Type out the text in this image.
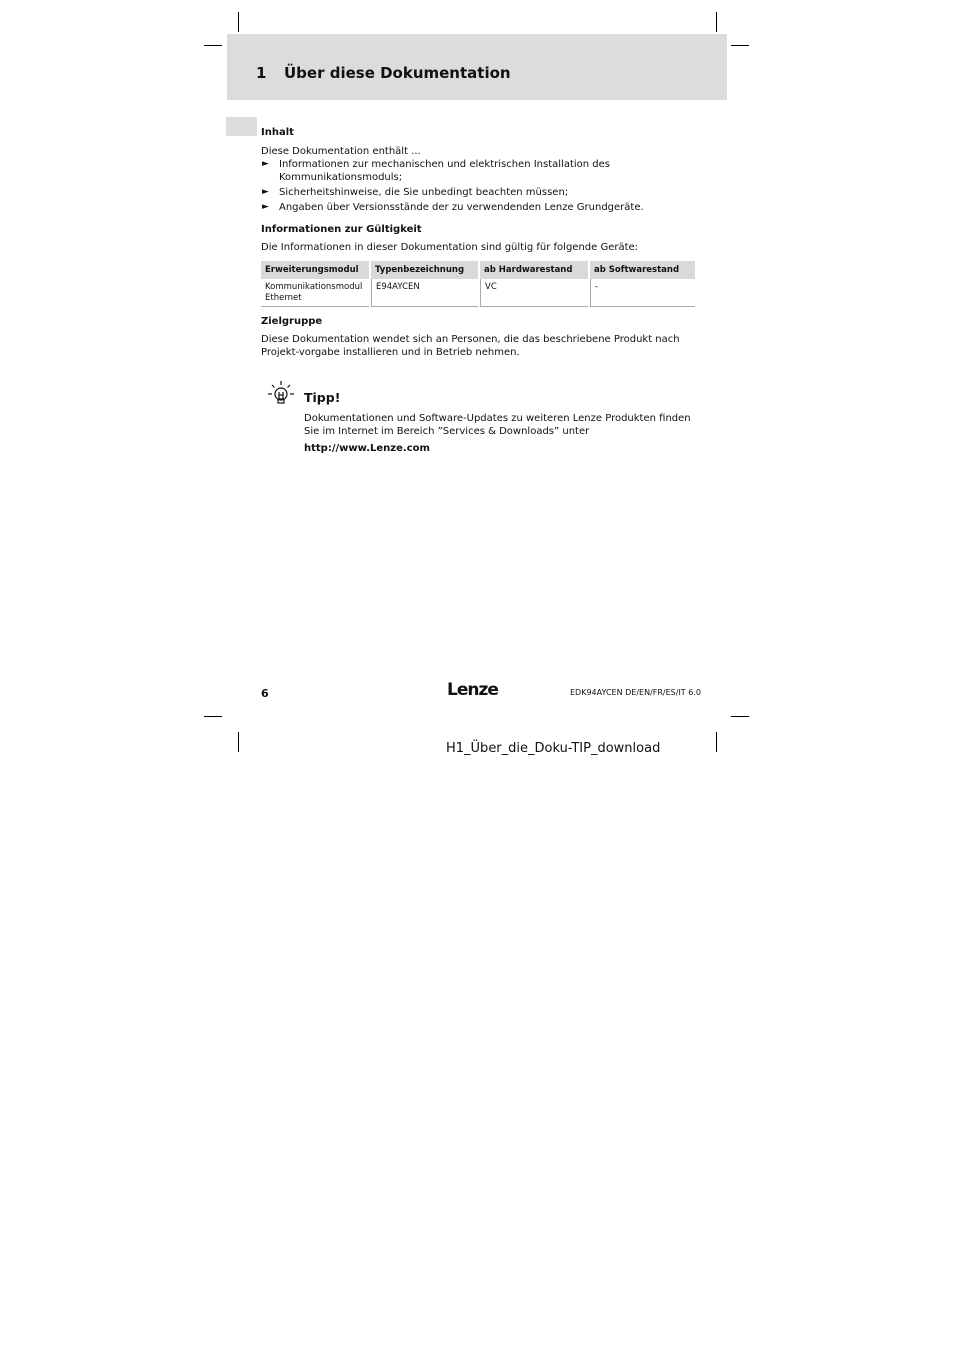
1 Über diese Dokumentation

Inhalt

Diese Dokumentation enthält ...

► Informationen zur mechanischen und elektrischen Installation des Kommunikationsmoduls;
► Sicherheitshinweise, die Sie unbedingt beachten müssen;
► Angaben über Versionsstände der zu verwendenden Lenze Grundgeräte.

Informationen zur Gültigkeit

Die Informationen in dieser Dokumentation sind gültig für folgende Geräte:

Erweiterungsmodul	Typenbezeichnung	ab Hardwarestand	ab Softwarestand
Kommunikationsmodul Ethernet	E94AYCEN	VC	-

Zielgruppe

Diese Dokumentation wendet sich an Personen, die das beschriebene Produkt nach Projekt-vorgabe installieren und in Betrieb nehmen.

Tipp!
Dokumentationen und Software-Updates zu weiteren Lenze Produkten finden Sie im Internet im Bereich ”Services & Downloads” unter
http://www.Lenze.com
6	Lenze	EDK94AYCEN DE/EN/FR/ES/IT 6.0
H1_Über_die_Doku-TIP_download
